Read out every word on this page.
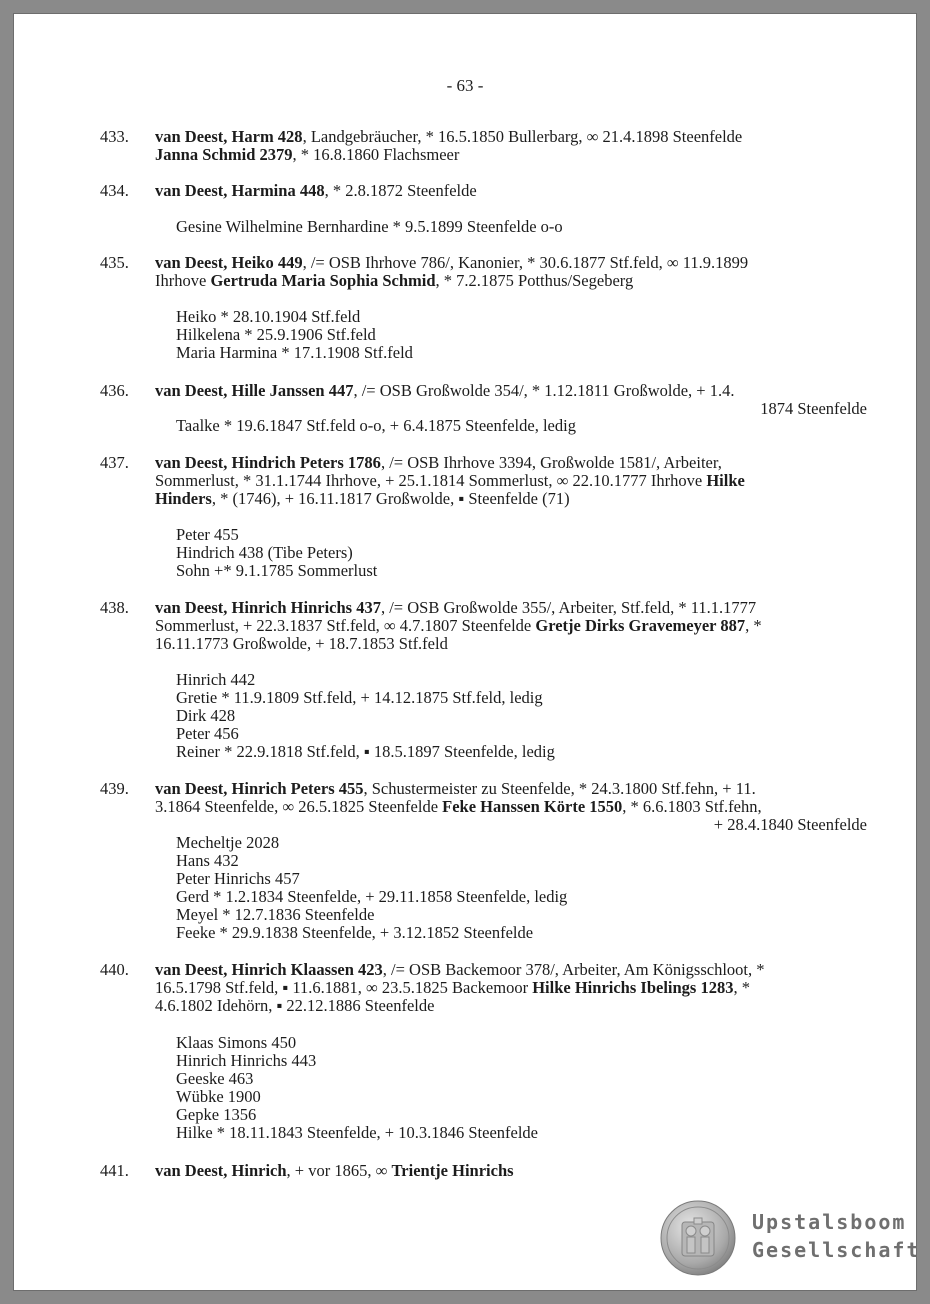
- 63 -
433. van Deest, Harm 428, Landgebräucher, * 16.5.1850 Bullerbarg, ∞ 21.4.1898 Steenfelde
Janna Schmid 2379, * 16.8.1860 Flachsmeer
434. van Deest, Harmina 448, * 2.8.1872 Steenfelde
Gesine Wilhelmine Bernhardine * 9.5.1899 Steenfelde o-o
435. van Deest, Heiko 449, /= OSB Ihrhove 786/, Kanonier, * 30.6.1877 Stf.feld, ∞ 11.9.1899
Ihrhove Gertruda Maria Sophia Schmid, * 7.2.1875 Potthus/Segeberg
Heiko * 28.10.1904 Stf.feld
Hilkelena * 25.9.1906 Stf.feld
Maria Harmina * 17.1.1908 Stf.feld
436. van Deest, Hille Janssen 447, /= OSB Großwolde 354/, * 1.12.1811 Großwolde, + 1.4.
1874 Steenfelde
Taalke * 19.6.1847 Stf.feld o-o, + 6.4.1875 Steenfelde, ledig
437. van Deest, Hindrich Peters 1786, /= OSB Ihrhove 3394, Großwolde 1581/, Arbeiter,
Sommerlust, * 31.1.1744 Ihrhove, + 25.1.1814 Sommerlust, ∞ 22.10.1777 Ihrhove Hilke
Hinders, * (1746), + 16.11.1817 Großwolde, ▪ Steenfelde (71)
Peter 455
Hindrich 438 (Tibe Peters)
Sohn +* 9.1.1785 Sommerlust
438. van Deest, Hinrich Hinrichs 437, /= OSB Großwolde 355/, Arbeiter, Stf.feld, * 11.1.1777
Sommerlust, + 22.3.1837 Stf.feld, ∞ 4.7.1807 Steenfelde Gretje Dirks Gravemeyer 887, *
16.11.1773 Großwolde, + 18.7.1853 Stf.feld
Hinrich 442
Gretie * 11.9.1809 Stf.feld, + 14.12.1875 Stf.feld, ledig
Dirk 428
Peter 456
Reiner * 22.9.1818 Stf.feld, ▪ 18.5.1897 Steenfelde, ledig
439. van Deest, Hinrich Peters 455, Schustermeister zu Steenfelde, * 24.3.1800 Stf.fehn, + 11.
3.1864 Steenfelde, ∞ 26.5.1825 Steenfelde Feke Hanssen Körte 1550, * 6.6.1803 Stf.fehn,
+ 28.4.1840 Steenfelde
Mecheltje 2028
Hans 432
Peter Hinrichs 457
Gerd * 1.2.1834 Steenfelde, + 29.11.1858 Steenfelde, ledig
Meyel * 12.7.1836 Steenfelde
Feeke * 29.9.1838 Steenfelde, + 3.12.1852 Steenfelde
440. van Deest, Hinrich Klaassen 423, /= OSB Backemoor 378/, Arbeiter, Am Königsschloot, *
16.5.1798 Stf.feld, ▪ 11.6.1881, ∞ 23.5.1825 Backemoor Hilke Hinrichs Ibelings 1283, *
4.6.1802 Idehörn, ▪ 22.12.1886 Steenfelde
Klaas Simons 450
Hinrich Hinrichs 443
Geeske 463
Wübke 1900
Gepke 1356
Hilke * 18.11.1843 Steenfelde, + 10.3.1846 Steenfelde
441. van Deest, Hinrich, + vor 1865, ∞ Trientje Hinrichs
Upstalsboom
Gesellschaft
